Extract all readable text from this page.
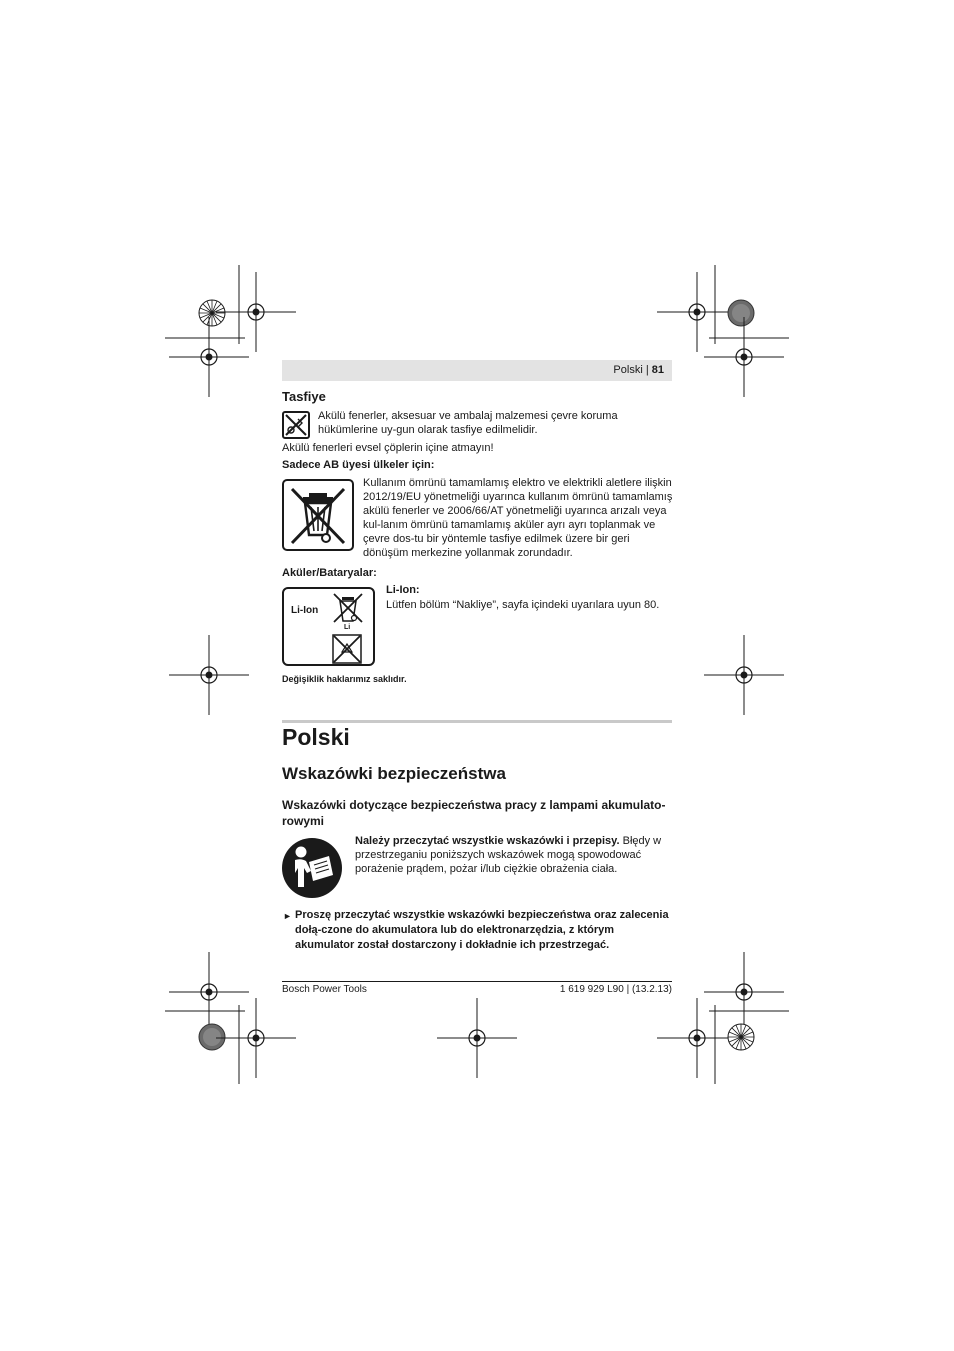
Polski | 81
Tasfiye
Akülü fenerler, aksesuar ve ambalaj malzemesi çevre koruma hükümlerine uy-gun olarak tasfiye edilmelidir.
Akülü fenerleri evsel çöplerin içine atmayın!
Sadece AB üyesi ülkeler için:
Kullanım ömrünü tamamlamış elektro ve elektrikli aletlere ilişkin 2012/19/EU yönetmeliği uyarınca kullanım ömrünü tamamlamış akülü fenerler ve 2006/66/AT yönetmeliği uyarınca arızalı veya kul-lanım ömrünü tamamlamış aküler ayrı ayrı toplanmak ve çevre dos-tu bir yöntemle tasfiye edilmek üzere bir geri dönüşüm merkezine yollanmak zorundadır.
Aküler/Bataryalar:
Li-Ion
Li
Li-Ion:
Lütfen bölüm “Nakliye”, sayfa içindeki uyarılara uyun 80.
Değişiklik haklarımız saklıdır.
Polski
Wskazówki bezpieczeństwa
Wskazówki dotyczące bezpieczeństwa pracy z lampami akumulato-rowymi
Należy przeczytać wszystkie wskazówki i przepisy. Błędy w przestrzeganiu poniższych wskazówek mogą spowodować porażenie prądem, pożar i/lub ciężkie obrażenia ciała.
► Proszę przeczytać wszystkie wskazówki bezpieczeństwa oraz zalecenia dołą-czone do akumulatora lub do elektronarzędzia, z którym akumulator został dostarczony i dokładnie ich przestrzegać.
Bosch Power Tools	1 619 929 L90 | (13.2.13)
